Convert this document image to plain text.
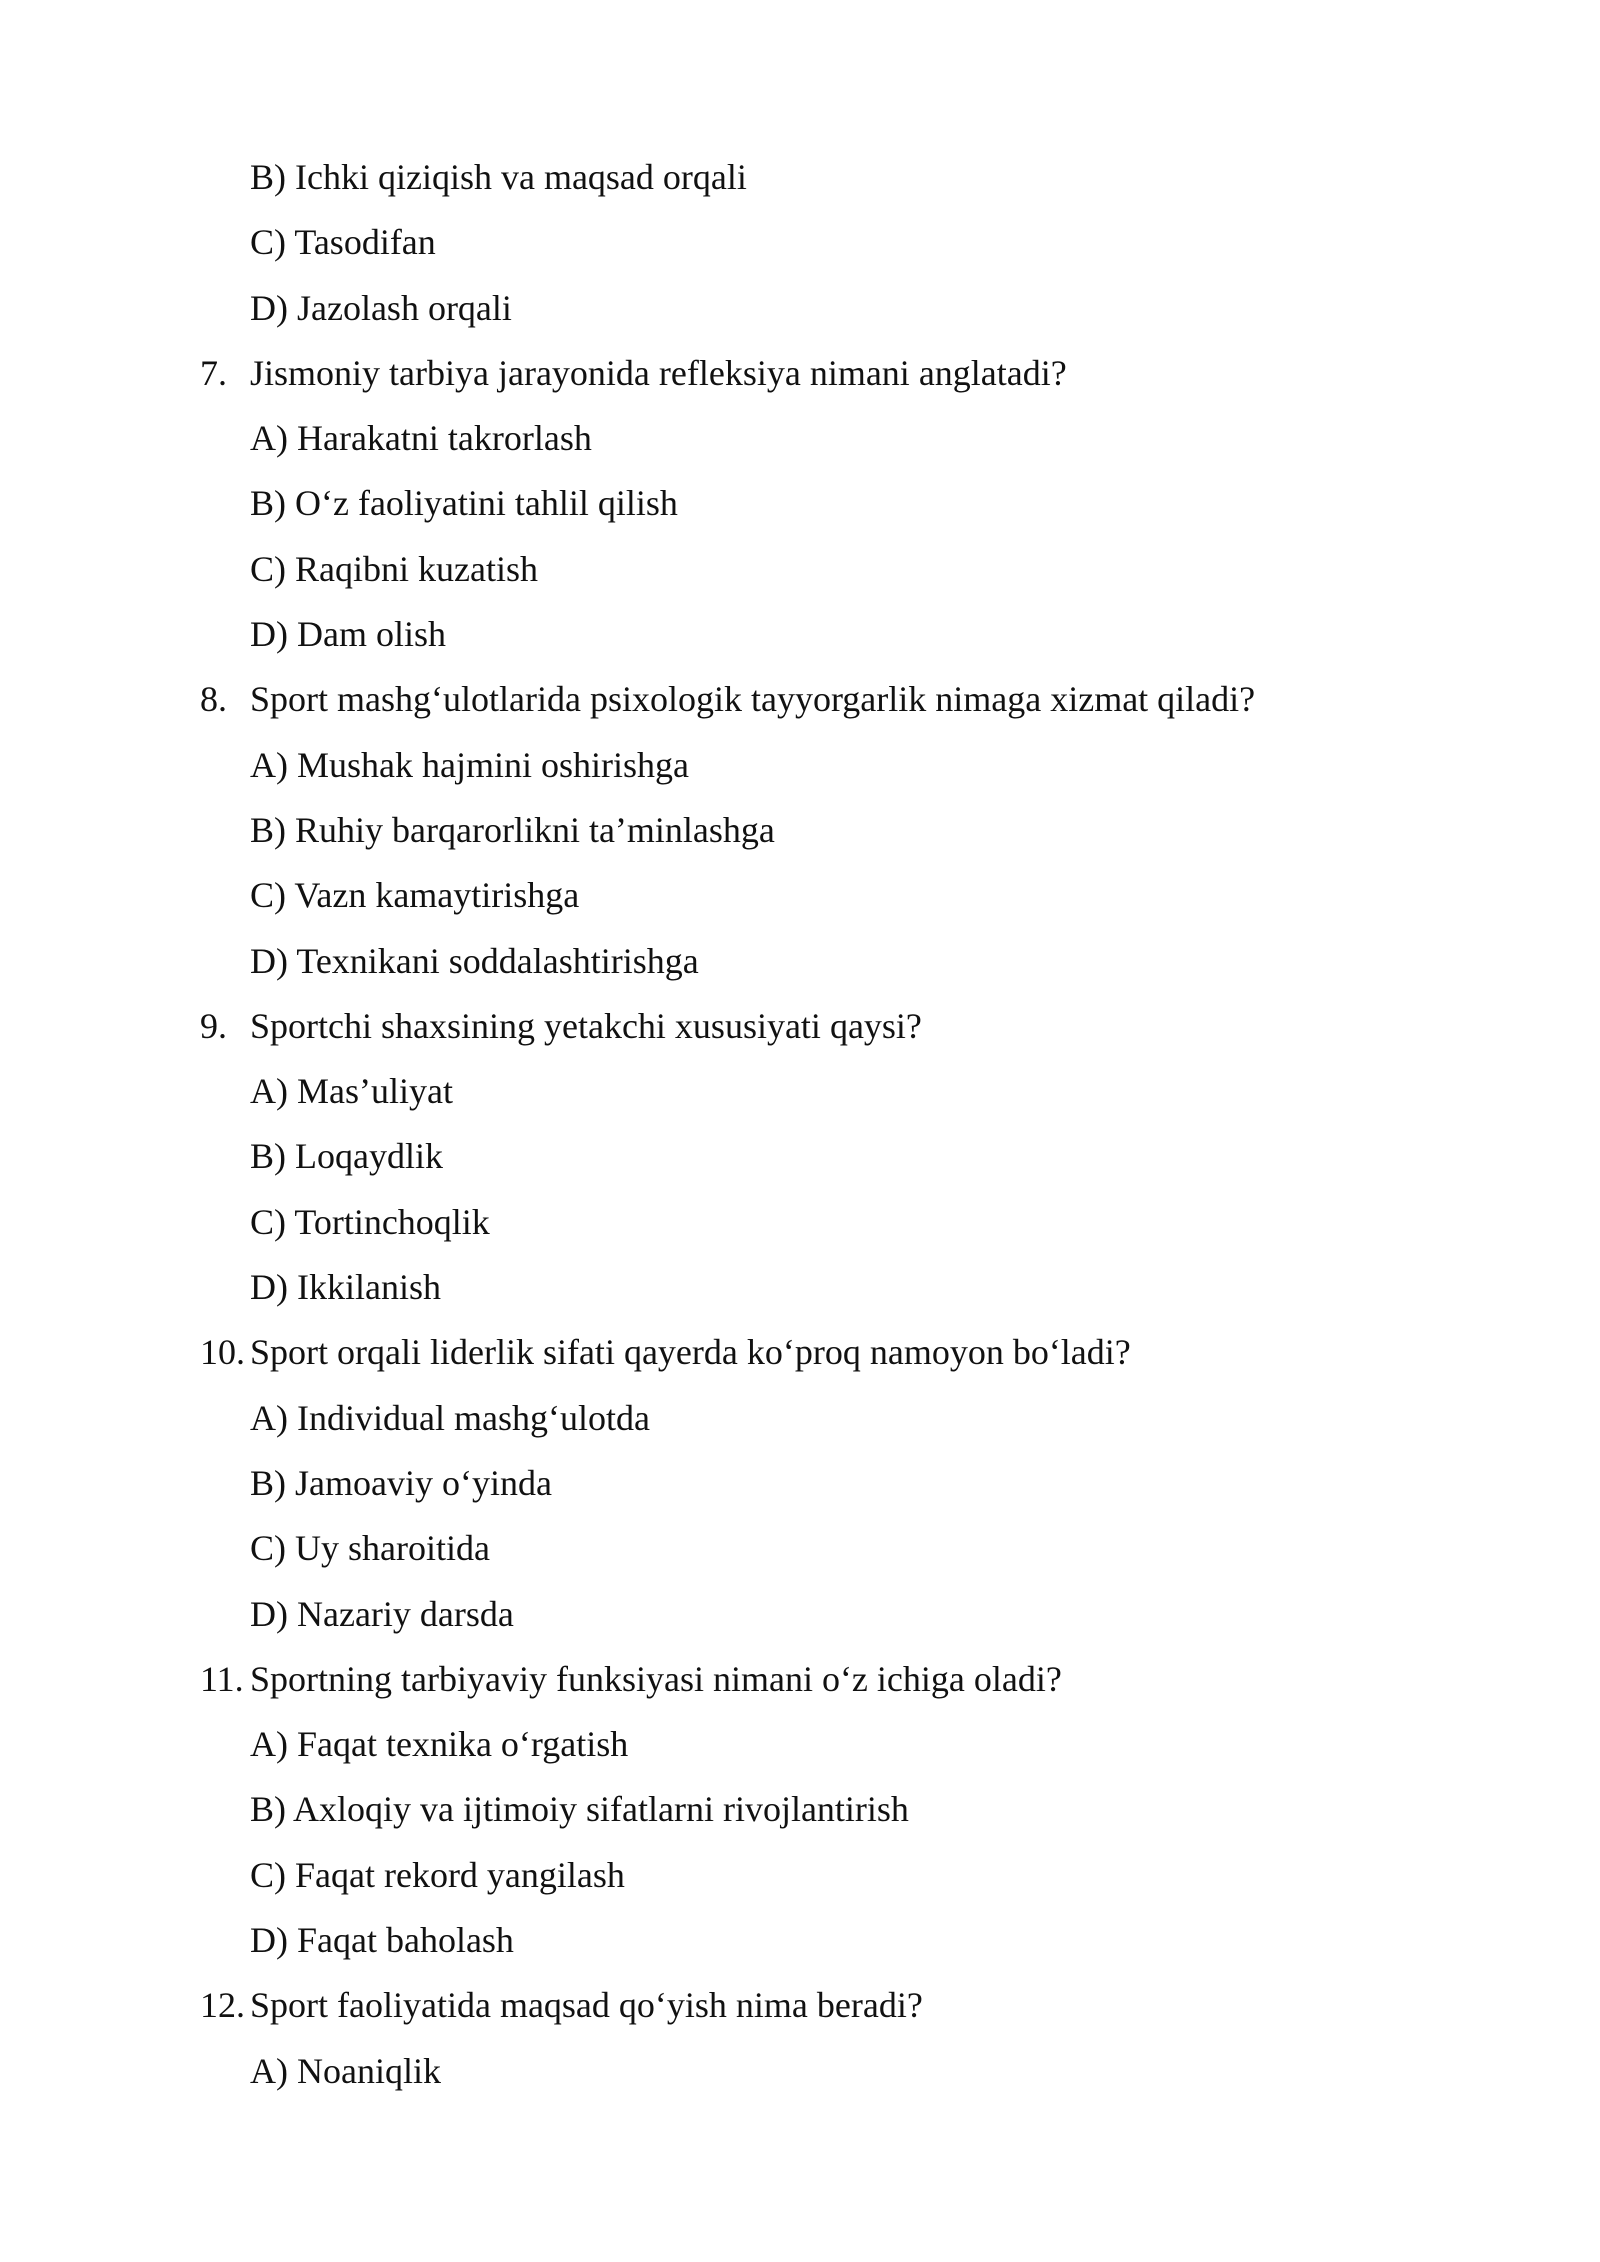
B) Ichki qiziqish va maqsad orqali
C) Tasodifan
D) Jazolash orqali
7. Jismoniy tarbiya jarayonida refleksiya nimani anglatadi?
A) Harakatni takrorlash
B) O‘z faoliyatini tahlil qilish
C) Raqibni kuzatish
D) Dam olish
8. Sport mashg‘ulotlarida psixologik tayyorgarlik nimaga xizmat qiladi?
A) Mushak hajmini oshirishga
B) Ruhiy barqarorlikni ta’minlashga
C) Vazn kamaytirishga
D) Texnikani soddalashtirishga
9. Sportchi shaxsining yetakchi xususiyati qaysi?
A) Mas’uliyat
B) Loqaydlik
C) Tortinchoqlik
D) Ikkilanish
10. Sport orqali liderlik sifati qayerda ko‘proq namoyon bo‘ladi?
A) Individual mashg‘ulotda
B) Jamoaviy o‘yinda
C) Uy sharoitida
D) Nazariy darsda
11. Sportning tarbiyaviy funksiyasi nimani o‘z ichiga oladi?
A) Faqat texnika o‘rgatish
B) Axloqiy va ijtimoiy sifatlarni rivojlantirish
C) Faqat rekord yangilash
D) Faqat baholash
12. Sport faoliyatida maqsad qo‘yish nima beradi?
A) Noaniqlik
